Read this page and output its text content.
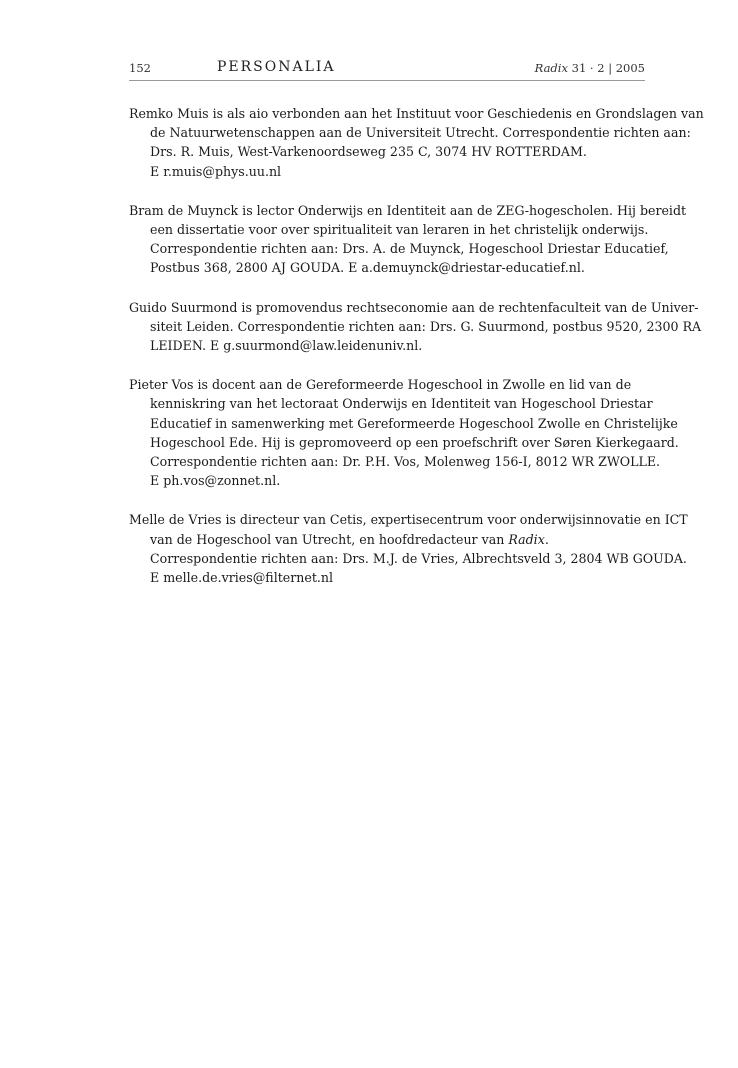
152	PERSONALIA	Radix 31 · 2 | 2005
Remko Muis is als aio verbonden aan het Instituut voor Geschiedenis en Grondslagen van
de Natuurwetenschappen aan de Universiteit Utrecht. Correspondentie richten aan:
Drs. R. Muis, West-Varkenoordseweg 235 C, 3074 HV ROTTERDAM.
E r.muis@phys.uu.nl
Bram de Muynck is lector Onderwijs en Identiteit aan de ZEG-hogescholen. Hij bereidt
een dissertatie voor over spiritualiteit van leraren in het christelijk onderwijs.
Correspondentie richten aan: Drs. A. de Muynck, Hogeschool Driestar Educatief,
Postbus 368, 2800 AJ GOUDA. E a.demuynck@driestar-educatief.nl.
Guido Suurmond is promovendus rechtseconomie aan de rechtenfaculteit van de Univer-
siteit Leiden. Correspondentie richten aan: Drs. G. Suurmond, postbus 9520, 2300 RA
LEIDEN. E g.suurmond@law.leidenuniv.nl.
Pieter Vos is docent aan de Gereformeerde Hogeschool in Zwolle en lid van de
kenniskring van het lectoraat Onderwijs en Identiteit van Hogeschool Driestar
Educatief in samenwerking met Gereformeerde Hogeschool Zwolle en Christelijke
Hogeschool Ede. Hij is gepromoveerd op een proefschrift over Søren Kierkegaard.
Correspondentie richten aan: Dr. P.H. Vos, Molenweg 156-I, 8012 WR ZWOLLE.
E ph.vos@zonnet.nl.
Melle de Vries is directeur van Cetis, expertisecentrum voor onderwijsinnovatie en ICT
van de Hogeschool van Utrecht, en hoofdredacteur van Radix.
Correspondentie richten aan: Drs. M.J. de Vries, Albrechtsveld 3, 2804 WB GOUDA.
E melle.de.vries@filternet.nl
